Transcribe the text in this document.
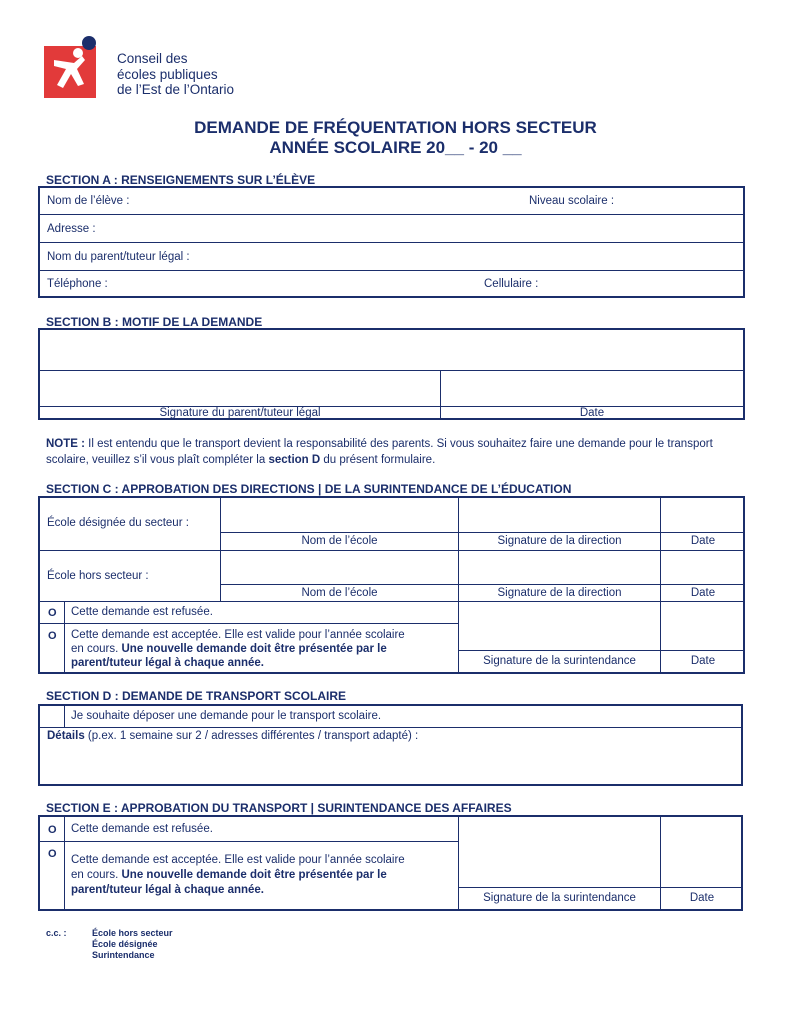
Conseil des
écoles publiques
de l’Est de l’Ontario
DEMANDE DE FRÉQUENTATION HORS SECTEUR
ANNÉE SCOLAIRE 20__ - 20 __
SECTION A : RENSEIGNEMENTS SUR L’ÉLÈVE
Nom de l’élève :	Niveau scolaire :
Adresse :
Nom du parent/tuteur légal :
Téléphone :	Cellulaire :
SECTION B : MOTIF DE LA DEMANDE
Signature du parent/tuteur légal	Date
NOTE : Il est entendu que le transport devient la responsabilité des parents. Si vous souhaitez faire une demande pour le transport scolaire, veuillez s’il vous plaît compléter la section D du présent formulaire.
SECTION C : APPROBATION DES DIRECTIONS | DE LA SURINTENDANCE DE L’ÉDUCATION
École désignée du secteur :
Nom de l’école	Signature de la direction	Date
École hors secteur :
Nom de l’école	Signature de la direction	Date
O Cette demande est refusée.
O Cette demande est acceptée. Elle est valide pour l’année scolaire
en cours. Une nouvelle demande doit être présentée par le
parent/tuteur légal à chaque année.	Signature de la surintendance	Date
SECTION D : DEMANDE DE TRANSPORT SCOLAIRE
Je souhaite déposer une demande pour le transport scolaire.
Détails (p.ex. 1 semaine sur 2 / adresses différentes / transport adapté) :
SECTION E : APPROBATION DU TRANSPORT | SURINTENDANCE DES AFFAIRES
O Cette demande est refusée.
O Cette demande est acceptée. Elle est valide pour l’année scolaire
en cours. Une nouvelle demande doit être présentée par le
parent/tuteur légal à chaque année.
Signature de la surintendance	Date
c.c. :	École hors secteur
École désignée
Surintendance
